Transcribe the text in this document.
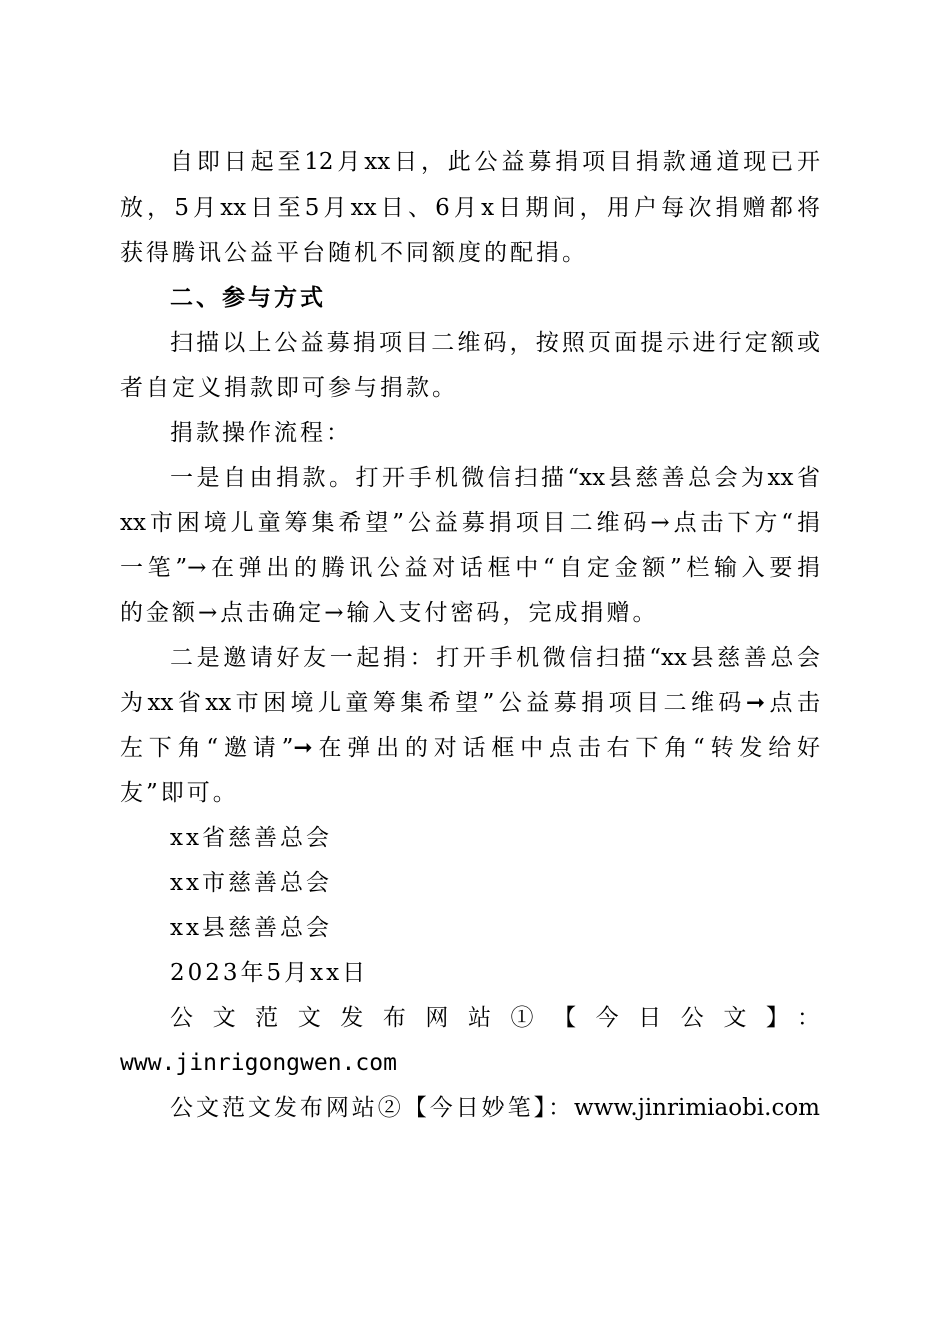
自即日起至12月xx日，此公益募捐项目捐款通道现已开
放，5月xx日至5月xx日、6月x日期间，用户每次捐赠都将
获得腾讯公益平台随机不同额度的配捐。
二、参与方式
扫描以上公益募捐项目二维码，按照页面提示进行定额或
者自定义捐款即可参与捐款。
捐款操作流程：
一是自由捐款。打开手机微信扫描“xx县慈善总会为xx省
xx市困境儿童筹集希望”公益募捐项目二维码→点击下方“捐
一笔”→在弹出的腾讯公益对话框中“自定金额”栏输入要捐
的金额→点击确定→输入支付密码，完成捐赠。
二是邀请好友一起捐：打开手机微信扫描“xx县慈善总会
为xx省xx市困境儿童筹集希望”公益募捐项目二维码➞点击
左下角“邀请”➞在弹出的对话框中点击右下角“转发给好
友”即可。
xx省慈善总会
xx市慈善总会
xx县慈善总会
2023年5月xx日
公文范文发布网站①【今日公文】：
www.jinrigongwen.com
公文范文发布网站②【今日妙笔】：www.jinrimiaobi.com
